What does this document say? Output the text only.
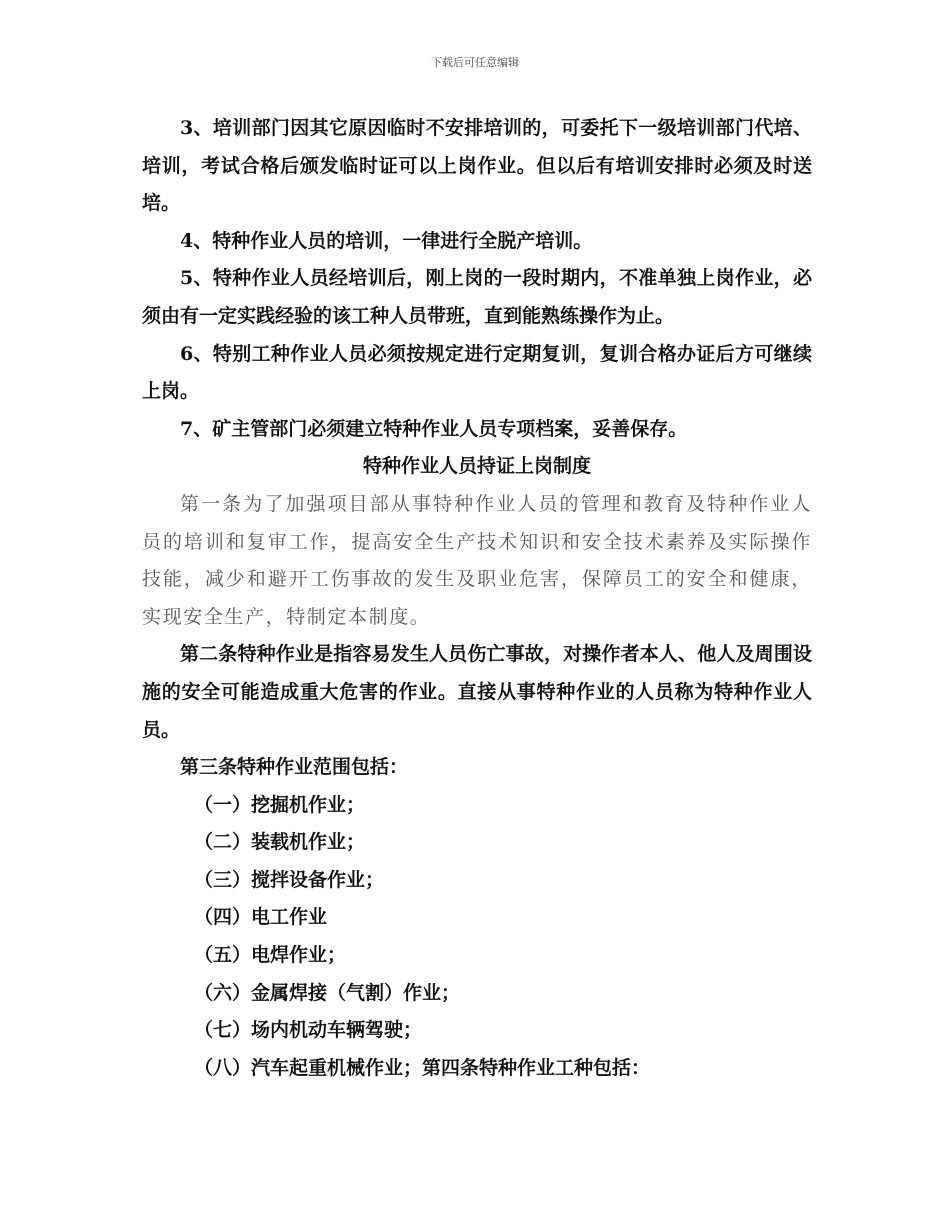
下载后可任意编辑

3、培训部门因其它原因临时不安排培训的，可委托下一级培训部门代培、培训，考试合格后颁发临时证可以上岗作业。但以后有培训安排时必须及时送培。

4、特种作业人员的培训，一律进行全脱产培训。

5、特种作业人员经培训后，刚上岗的一段时期内，不准单独上岗作业，必须由有一定实践经验的该工种人员带班，直到能熟练操作为止。

6、特别工种作业人员必须按规定进行定期复训，复训合格办证后方可继续上岗。

7、矿主管部门必须建立特种作业人员专项档案，妥善保存。

特种作业人员持证上岗制度

第一条为了加强项目部从事特种作业人员的管理和教育及特种作业人员的培训和复审工作，提高安全生产技术知识和安全技术素养及实际操作技能，减少和避开工伤事故的发生及职业危害，保障员工的安全和健康，实现安全生产，特制定本制度。

第二条特种作业是指容易发生人员伤亡事故，对操作者本人、他人及周围设施的安全可能造成重大危害的作业。直接从事特种作业的人员称为特种作业人员。

第三条特种作业范围包括：

（一）挖掘机作业；

（二）装载机作业；

（三）搅拌设备作业；

（四）电工作业

（五）电焊作业；

（六）金属焊接（气割）作业；

（七）场内机动车辆驾驶；

（八）汽车起重机械作业；第四条特种作业工种包括：
